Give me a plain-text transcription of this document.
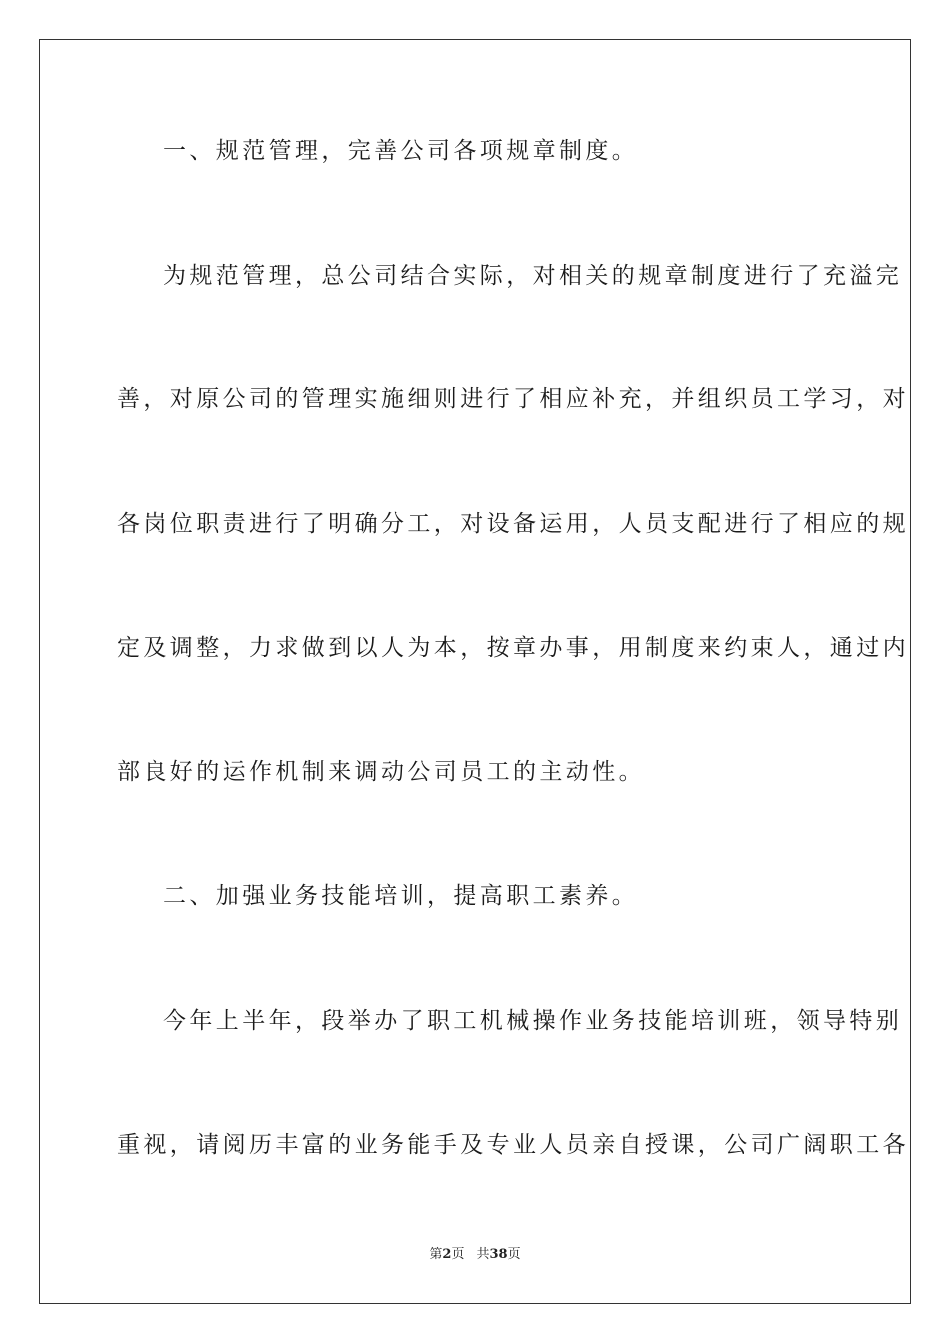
一、规范管理，完善公司各项规章制度。
为规范管理，总公司结合实际，对相关的规章制度进行了充溢完
善，对原公司的管理实施细则进行了相应补充，并组织员工学习，对
各岗位职责进行了明确分工，对设备运用，人员支配进行了相应的规
定及调整，力求做到以人为本，按章办事，用制度来约束人，通过内
部良好的运作机制来调动公司员工的主动性。
二、加强业务技能培训，提高职工素养。
今年上半年，段举办了职工机械操作业务技能培训班，领导特别
重视，请阅历丰富的业务能手及专业人员亲自授课，公司广阔职工各
第2页 共38页
